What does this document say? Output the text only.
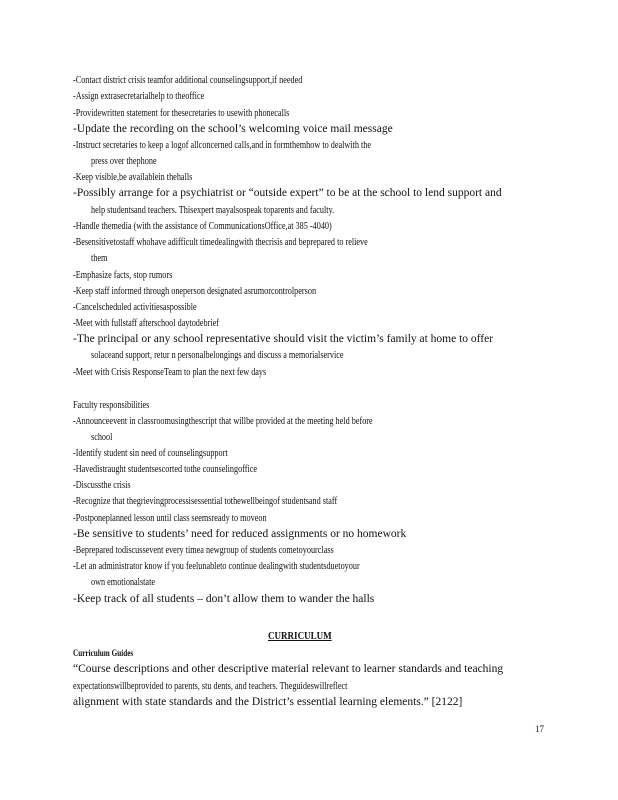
-Contact district crisis teamfor additional counselingsupport,if needed
-Assign extrasecretarialhelp to theoffice
-Providewritten statement for thesecretaries to usewith phonecalls
-Update the recording on the school’s welcoming voice mail message
-Instruct secretaries to keep a logof allconcerned calls,and in formthemhow to dealwith the
press over thephone
-Keep visible,be availablein thehalls
-Possibly arrange for a psychiatrist or “outside expert” to be at the school to lend support and
help studentsand teachers. Thisexpert mayalsospeak toparents and faculty.
-Handle themedia (with the assistance of CommunicationsOffice,at 385 -4040)
-Besensitivetostaff whohave adifficult timedealingwith thecrisis and beprepared to relieve
them
-Emphasize facts, stop rumors
-Keep staff informed through oneperson designated asrumorcontrolperson
-Cancelscheduled activitiesaspossible
-Meet with fullstaff afterschool daytodebrief
-The principal or any school representative should visit the victim’s family at home to offer
solaceand support, retur n personalbelongings and discuss a memorialservice
-Meet with Crisis ResponseTeam to plan the next few days
Faculty responsibilities
-Announceevent in classroomusingthescript that willbe provided at the meeting held before
school
-Identify student sin need of counselingsupport
-Havedistraught studentsescorted tothe counselingoffice
-Discussthe crisis
-Recognize that thegrievingprocessisessential tothewellbeingof studentsand staff
-Postponeplanned lesson until class seemsready to moveon
-Be sensitive to students’ need for reduced assignments or no homework
-Beprepared todiscussevent every timea newgroup of students cometoyourclass
-Let an administrator know if you feelunableto continue dealingwith studentsduetoyour
own emotionalstate
-Keep track of all students – don’t allow them to wander the halls
“Course descriptions and other descriptive material relevant to learner standards and teaching
expectationswillbeprovided to parents, stu dents, and teachers. Theguideswillreflect
alignment with state standards and the District’s essential learning elements.” [2122]
CURRICULUM
Curriculum Guides
17
